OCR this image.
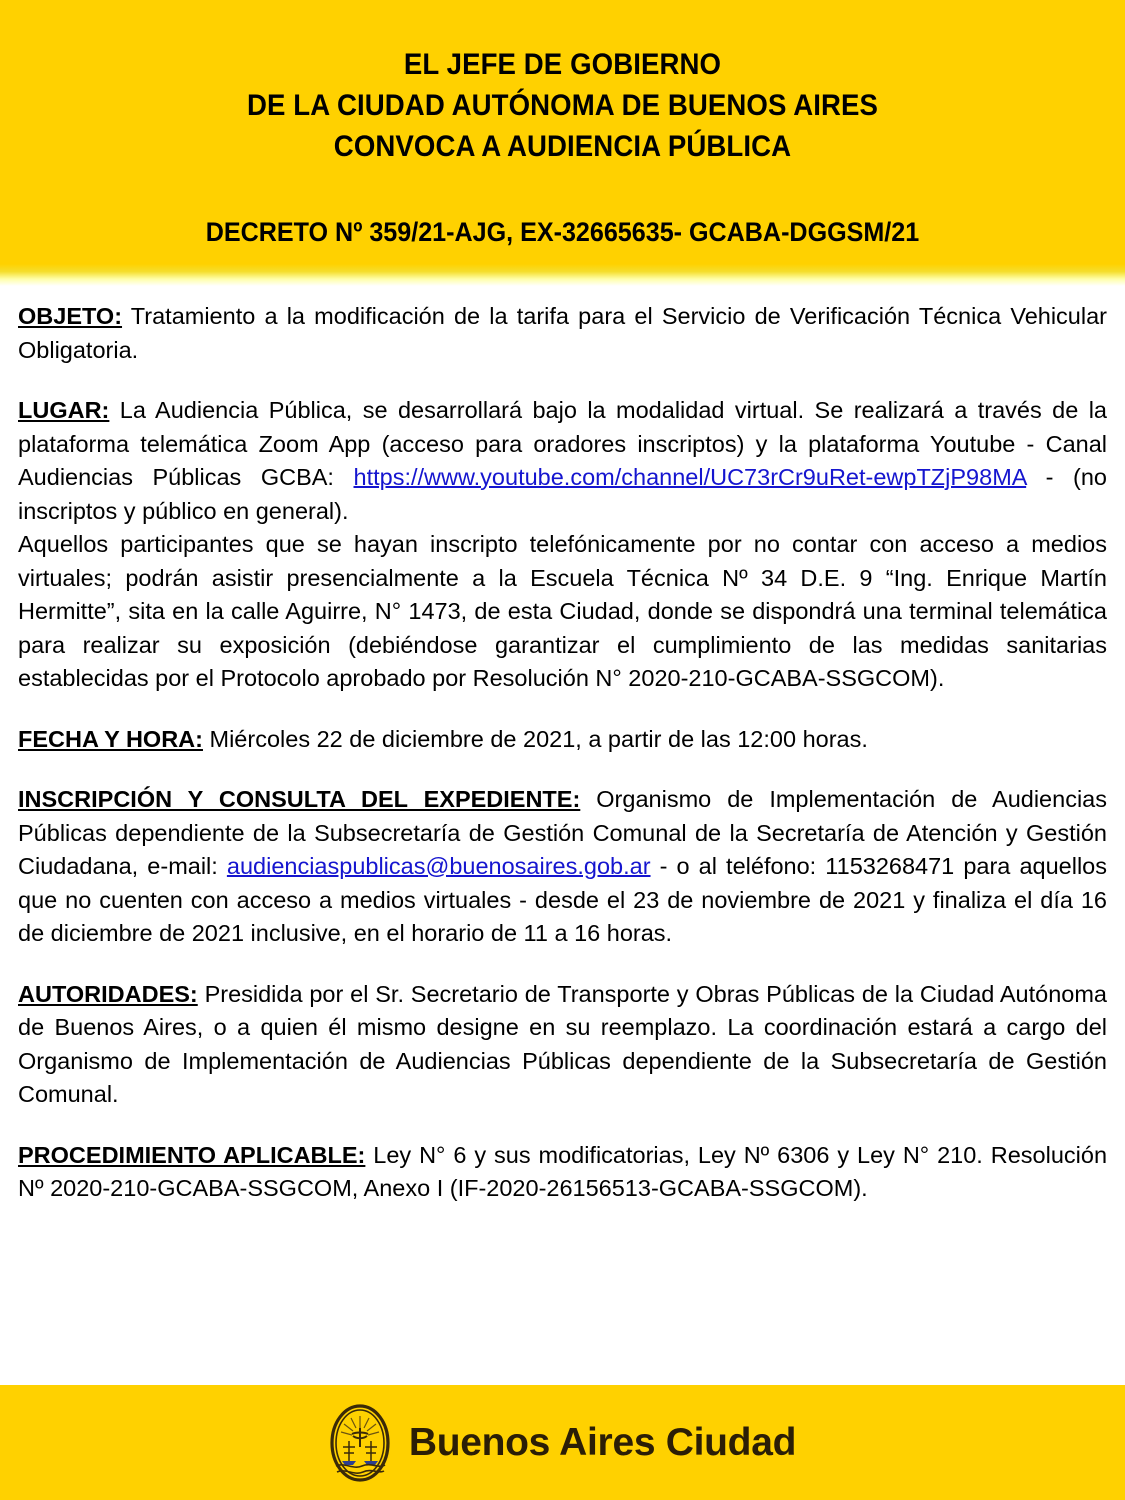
EL JEFE DE GOBIERNO
DE LA CIUDAD AUTÓNOMA DE BUENOS AIRES
CONVOCA A AUDIENCIA PÚBLICA
DECRETO Nº 359/21-AJG, EX-32665635- GCABA-DGGSM/21

OBJETO: Tratamiento a la modificación de la tarifa para el Servicio de Verificación Técnica Vehicular Obligatoria.

LUGAR: La Audiencia Pública, se desarrollará bajo la modalidad virtual. Se realizará a través de la plataforma telemática Zoom App (acceso para oradores inscriptos) y la plataforma Youtube - Canal Audiencias Públicas GCBA: https://www.youtube.com/channel/UC73rCr9uRet-ewpTZjP98MA - (no inscriptos y público en general).

Aquellos participantes que se hayan inscripto telefónicamente por no contar con acceso a medios virtuales; podrán asistir presencialmente a la Escuela Técnica Nº 34 D.E. 9 “Ing. Enrique Martín Hermitte”, sita en la calle Aguirre, N° 1473, de esta Ciudad, donde se dispondrá una terminal telemática para realizar su exposición (debiéndose garantizar el cumplimiento de las medidas sanitarias establecidas por el Protocolo aprobado por Resolución N° 2020-210-GCABA-SSGCOM).

FECHA Y HORA: Miércoles 22 de diciembre de 2021, a partir de las 12:00 horas.

INSCRIPCIÓN Y CONSULTA DEL EXPEDIENTE: Organismo de Implementación de Audiencias Públicas dependiente de la Subsecretaría de Gestión Comunal de la Secretaría de Atención y Gestión Ciudadana, e-mail: audienciaspublicas@buenosaires.gob.ar - o al teléfono: 1153268471 para aquellos que no cuenten con acceso a medios virtuales - desde el 23 de noviembre de 2021 y finaliza el día 16 de diciembre de 2021 inclusive, en el horario de 11 a 16 horas.

AUTORIDADES: Presidida por el Sr. Secretario de Transporte y Obras Públicas de la Ciudad Autónoma de Buenos Aires, o a quien él mismo designe en su reemplazo. La coordinación estará a cargo del Organismo de Implementación de Audiencias Públicas dependiente de la Subsecretaría de Gestión Comunal.

PROCEDIMIENTO APLICABLE: Ley N° 6 y sus modificatorias, Ley Nº 6306 y Ley N° 210. Resolución Nº 2020-210-GCABA-SSGCOM, Anexo I (IF-2020-26156513-GCABA-SSGCOM).

Buenos Aires Ciudad
